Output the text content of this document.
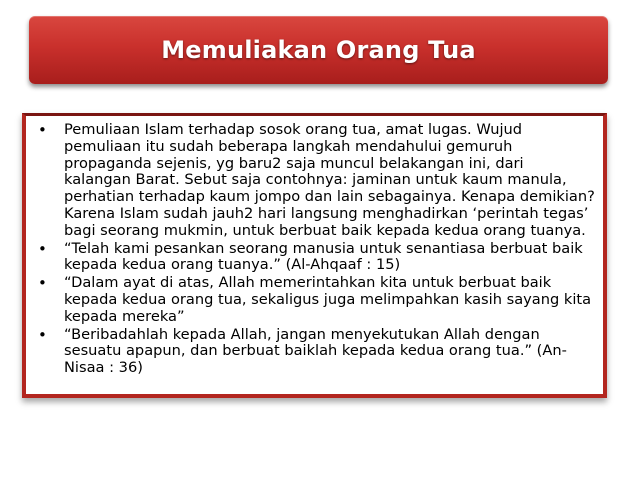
Memuliakan Orang Tua
• Pemuliaan Islam terhadap sosok orang tua, amat lugas. Wujud pemuliaan itu sudah beberapa langkah mendahului gemuruh propaganda sejenis, yg baru2 saja muncul belakangan ini, dari kalangan Barat. Sebut saja contohnya: jaminan untuk kaum manula, perhatian terhadap kaum jompo dan lain sebagainya. Kenapa demikian? Karena Islam sudah jauh2 hari langsung menghadirkan ‘perintah tegas’ bagi seorang mukmin, untuk berbuat baik kepada kedua orang tuanya.
• “Telah kami pesankan seorang manusia untuk senantiasa berbuat baik kepada kedua orang tuanya.” (Al-Ahqaaf : 15)
• “Dalam ayat di atas, Allah memerintahkan kita untuk berbuat baik kepada kedua orang tua, sekaligus juga melimpahkan kasih sayang kita kepada mereka”
• “Beribadahlah kepada Allah, jangan menyekutukan Allah dengan sesuatu apapun, dan berbuat baiklah kepada kedua orang tua.” (An-Nisaa : 36)
